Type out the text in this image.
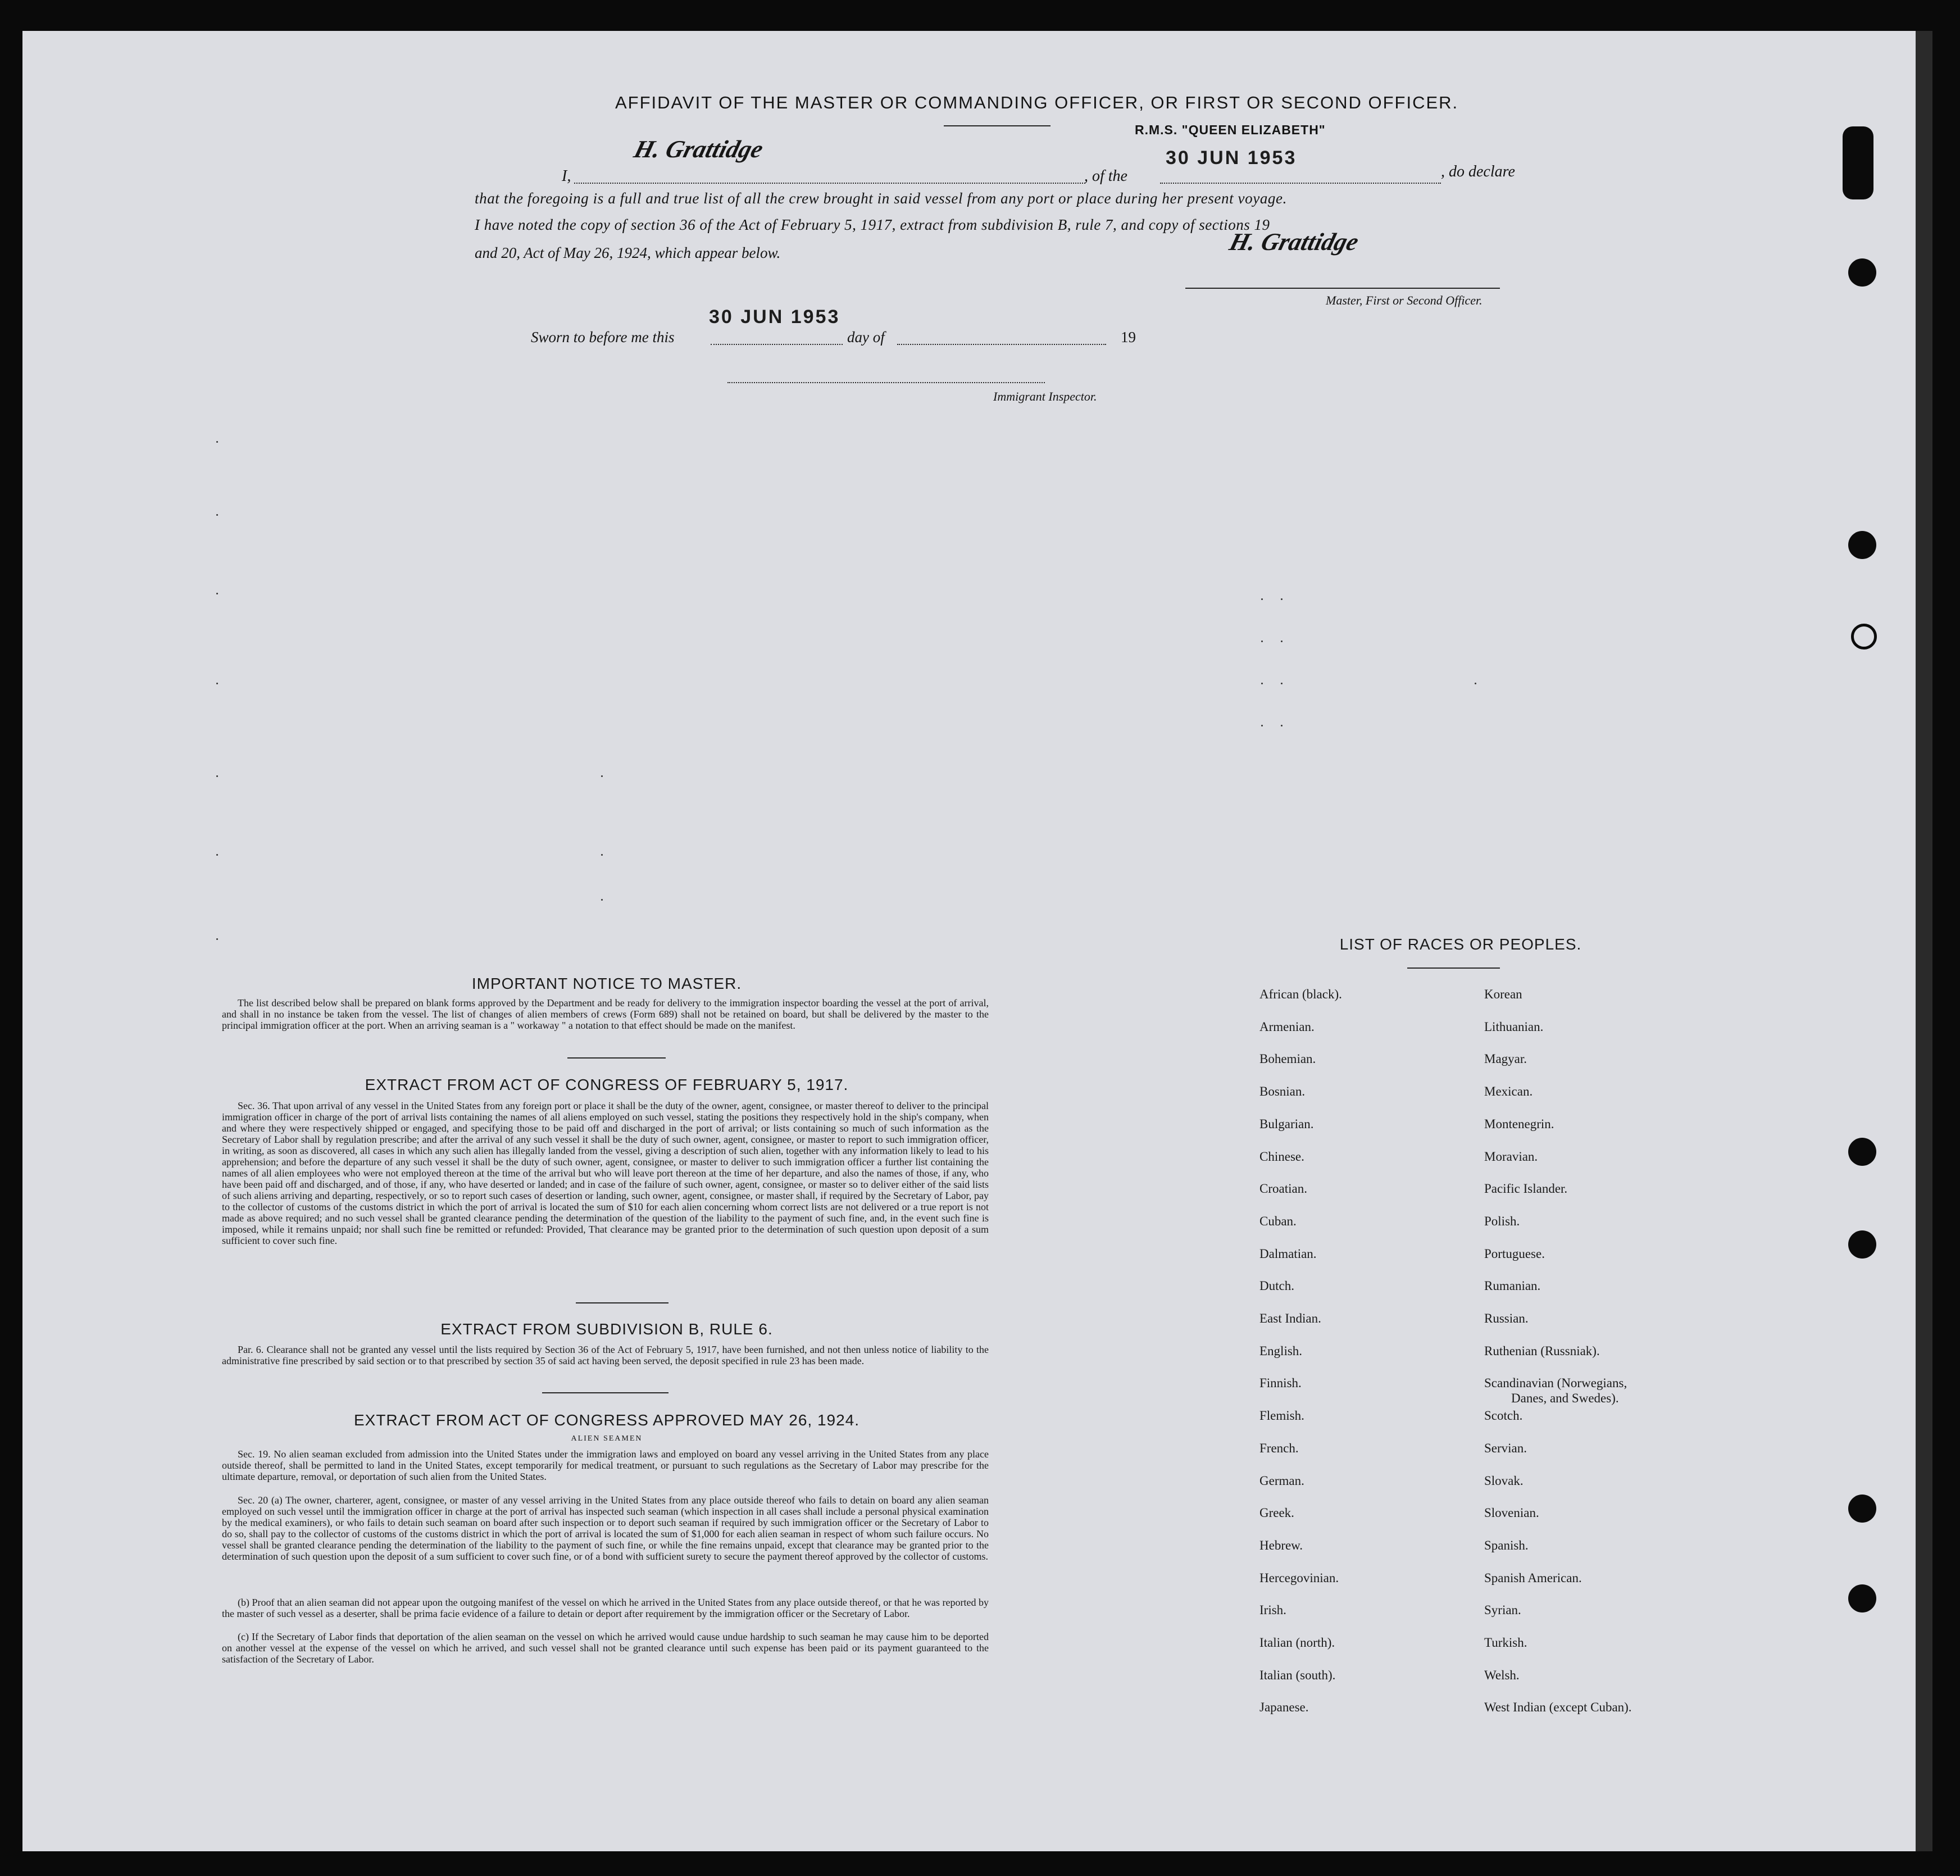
AFFIDAVIT OF THE MASTER OR COMMANDING OFFICER, OR FIRST OR SECOND OFFICER.
R.M.S. "QUEEN ELIZABETH"
I,
H. Grattidge
, of the
30 JUN 1953
, do declare
that the foregoing is a full and true list of all the crew brought in said vessel from any port or place during her present voyage.
I have noted the copy of section 36 of the Act of February 5, 1917, extract from subdivision B, rule 7, and copy of sections 19
and 20, Act of May 26, 1924, which appear below.	H. Grattidge
Master, First or Second Officer.
30 JUN 1953
Sworn to before me this	day of	19
Immigrant Inspector.
IMPORTANT NOTICE TO MASTER.
The list described below shall be prepared on blank forms approved by the Department and be ready for delivery to the immigration inspector boarding the vessel at the port of arrival, and shall in no instance be taken from the vessel. The list of changes of alien members of crews (Form 689) shall not be retained on board, but shall be delivered by the master to the principal immigration officer at the port. When an arriving seaman is a " workaway " a notation to that effect should be made on the manifest.
EXTRACT FROM ACT OF CONGRESS OF FEBRUARY 5, 1917.
Sec. 36. That upon arrival of any vessel in the United States from any foreign port or place it shall be the duty of the owner, agent, consignee, or master thereof to deliver to the principal immigration officer in charge of the port of arrival lists containing the names of all aliens employed on such vessel, stating the positions they respectively hold in the ship's company, when and where they were respectively shipped or engaged, and specifying those to be paid off and discharged in the port of arrival; or lists containing so much of such information as the Secretary of Labor shall by regulation prescribe; and after the arrival of any such vessel it shall be the duty of such owner, agent, consignee, or master to report to such immigration officer, in writing, as soon as discovered, all cases in which any such alien has illegally landed from the vessel, giving a description of such alien, together with any information likely to lead to his apprehension; and before the departure of any such vessel it shall be the duty of such owner, agent, consignee, or master to deliver to such immigration officer a further list containing the names of all alien employees who were not employed thereon at the time of the arrival but who will leave port thereon at the time of her departure, and also the names of those, if any, who have been paid off and discharged, and of those, if any, who have deserted or landed; and in case of the failure of such owner, agent, consignee, or master so to deliver either of the said lists of such aliens arriving and departing, respectively, or so to report such cases of desertion or landing, such owner, agent, consignee, or master shall, if required by the Secretary of Labor, pay to the collector of customs of the customs district in which the port of arrival is located the sum of $10 for each alien concerning whom correct lists are not delivered or a true report is not made as above required; and no such vessel shall be granted clearance pending the determination of the question of the liability to the payment of such fine, and, in the event such fine is imposed, while it remains unpaid; nor shall such fine be remitted or refunded: Provided, That clearance may be granted prior to the determination of such question upon deposit of a sum sufficient to cover such fine.
EXTRACT FROM SUBDIVISION B, RULE 6.
Par. 6. Clearance shall not be granted any vessel until the lists required by Section 36 of the Act of February 5, 1917, have been furnished, and not then unless notice of liability to the administrative fine prescribed by said section or to that prescribed by section 35 of said act having been served, the deposit specified in rule 23 has been made.
EXTRACT FROM ACT OF CONGRESS APPROVED MAY 26, 1924.
ALIEN SEAMEN
Sec. 19. No alien seaman excluded from admission into the United States under the immigration laws and employed on board any vessel arriving in the United States from any place outside thereof, shall be permitted to land in the United States, except temporarily for medical treatment, or pursuant to such regulations as the Secretary of Labor may prescribe for the ultimate departure, removal, or deportation of such alien from the United States.
Sec. 20 (a) The owner, charterer, agent, consignee, or master of any vessel arriving in the United States from any place outside thereof who fails to detain on board any alien seaman employed on such vessel until the immigration officer in charge at the port of arrival has inspected such seaman (which inspection in all cases shall include a personal physical examination by the medical examiners), or who fails to detain such seaman on board after such inspection or to deport such seaman if required by such immigration officer or the Secretary of Labor to do so, shall pay to the collector of customs of the customs district in which the port of arrival is located the sum of $1,000 for each alien seaman in respect of whom such failure occurs. No vessel shall be granted clearance pending the determination of the liability to the payment of such fine, or while the fine remains unpaid, except that clearance may be granted prior to the determination of such question upon the deposit of a sum sufficient to cover such fine, or of a bond with sufficient surety to secure the payment thereof approved by the collector of customs.
(b) Proof that an alien seaman did not appear upon the outgoing manifest of the vessel on which he arrived in the United States from any place outside thereof, or that he was reported by the master of such vessel as a deserter, shall be prima facie evidence of a failure to detain or deport after requirement by the immigration officer or the Secretary of Labor.
(c) If the Secretary of Labor finds that deportation of the alien seaman on the vessel on which he arrived would cause undue hardship to such seaman he may cause him to be deported on another vessel at the expense of the vessel on which he arrived, and such vessel shall not be granted clearance until such expense has been paid or its payment guaranteed to the satisfaction of the Secretary of Labor.
LIST OF RACES OR PEOPLES.
African (black).
Armenian.
Bohemian.
Bosnian.
Bulgarian.
Chinese.
Croatian.
Cuban.
Dalmatian.
Dutch.
East Indian.
English.
Finnish.
Flemish.
French.
German.
Greek.
Hebrew.
Hercegovinian.
Irish.
Italian (north).
Italian (south).
Japanese.
Korean
Lithuanian.
Magyar.
Mexican.
Montenegrin.
Moravian.
Pacific Islander.
Polish.
Portuguese.
Rumanian.
Russian.
Ruthenian (Russniak).
Scandinavian (Norwegians,
Scotch.
Servian.
Slovak.
Slovenian.
Spanish.
Spanish American.
Syrian.
Turkish.
Welsh.
West Indian (except Cuban).
Danes, and Swedes).
